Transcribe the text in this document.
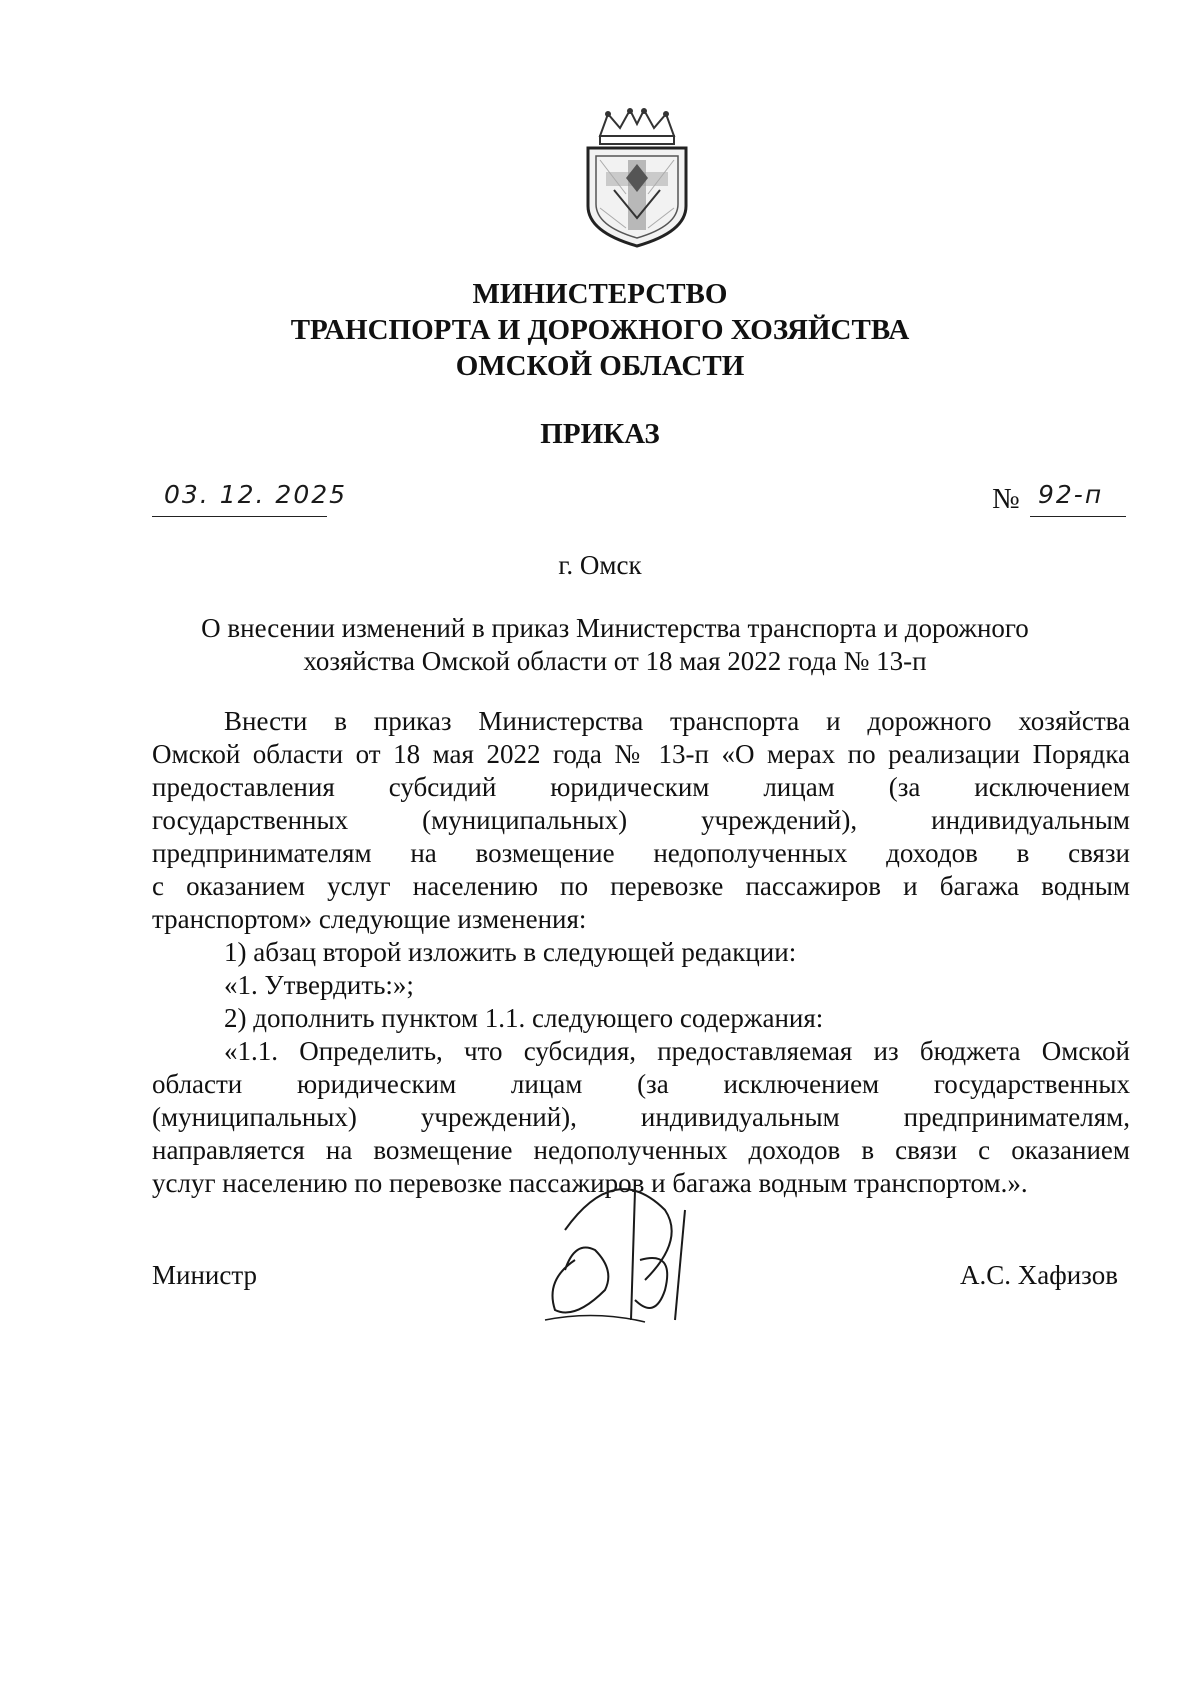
МИНИСТЕРСТВО
ТРАНСПОРТА И ДОРОЖНОГО ХОЗЯЙСТВА
ОМСКОЙ ОБЛАСТИ
ПРИКАЗ
03. 12. 2025	№ 92-п
г. Омск
О внесении изменений в приказ Министерства транспорта и дорожного
хозяйства Омской области от 18 мая 2022 года № 13-п
Внести в приказ Министерства транспорта и дорожного хозяйства
Омской области от 18 мая 2022 года № 13-п «О мерах по реализации Порядка
предоставления субсидий юридическим лицам (за исключением
государственных (муниципальных) учреждений), индивидуальным
предпринимателям на возмещение недополученных доходов в связи
с оказанием услуг населению по перевозке пассажиров и багажа водным
транспортом» следующие изменения:
1) абзац второй изложить в следующей редакции:
«1. Утвердить:»;
2) дополнить пунктом 1.1. следующего содержания:
«1.1. Определить, что субсидия, предоставляемая из бюджета Омской
области юридическим лицам (за исключением государственных
(муниципальных) учреждений), индивидуальным предпринимателям,
направляется на возмещение недополученных доходов в связи с оказанием
услуг населению по перевозке пассажиров и багажа водным транспортом.».
Министр	А.С. Хафизов
